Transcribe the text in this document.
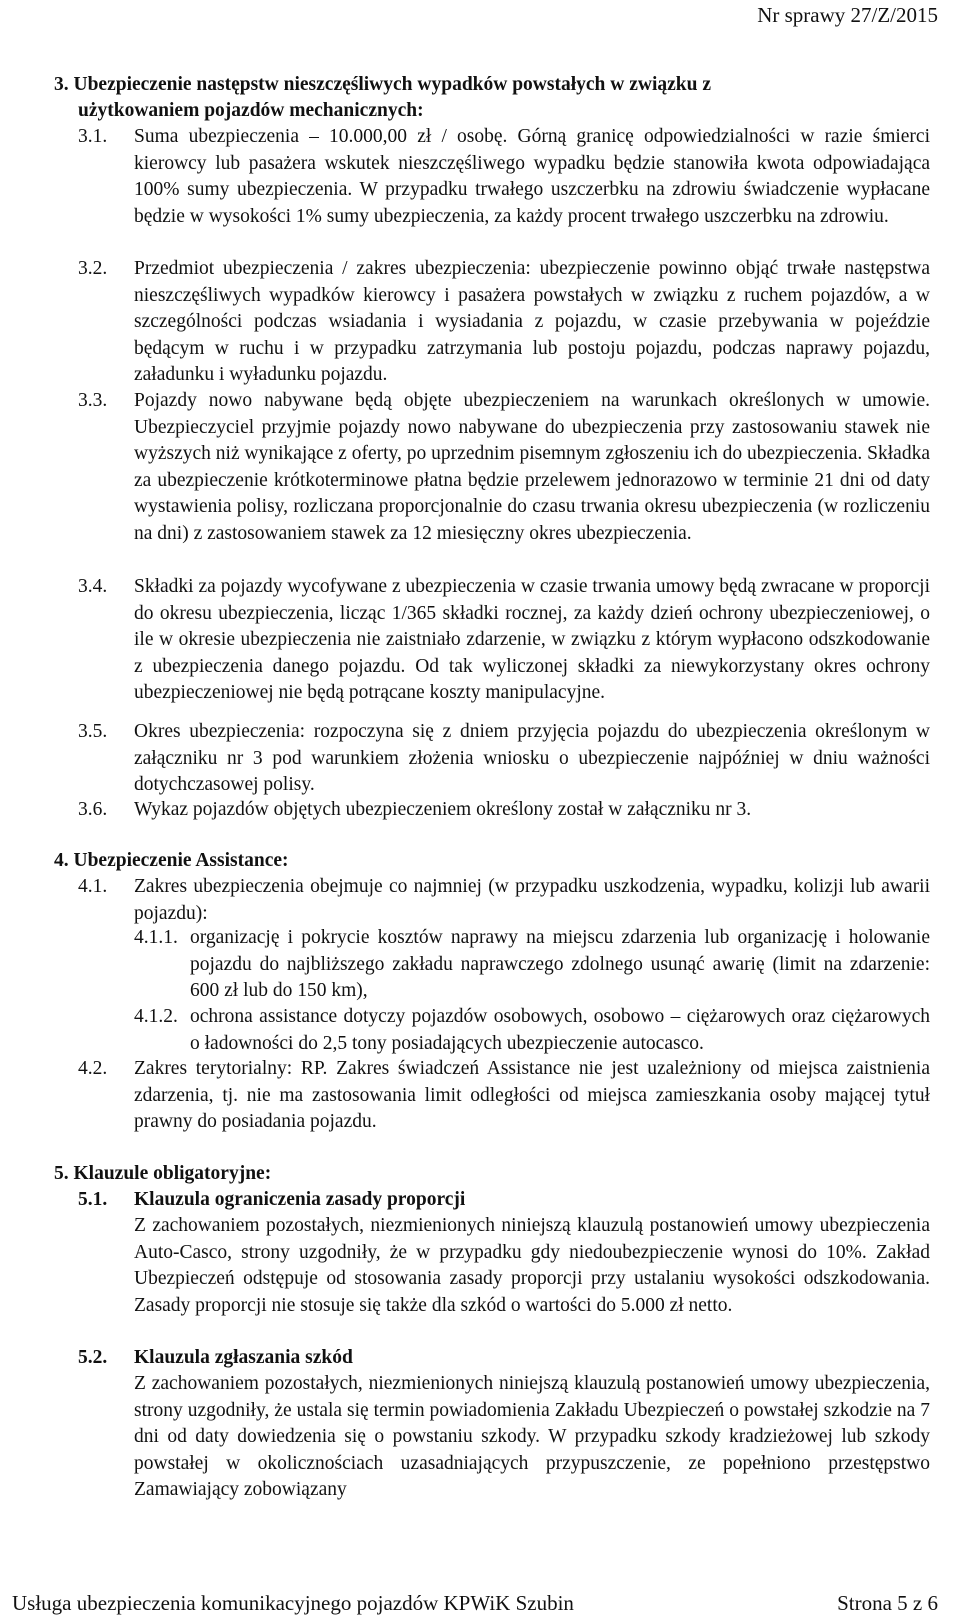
Nr sprawy 27/Z/2015
3. Ubezpieczenie następstw nieszczęśliwych wypadków powstałych w związku z
użytkowaniem pojazdów mechanicznych:
3.1. Suma ubezpieczenia – 10.000,00 zł / osobę. Górną granicę odpowiedzialności w razie śmierci kierowcy lub pasażera wskutek nieszczęśliwego wypadku będzie stanowiła kwota odpowiadająca 100% sumy ubezpieczenia. W przypadku trwałego uszczerbku na zdrowiu świadczenie wypłacane będzie w wysokości 1% sumy ubezpieczenia, za każdy procent trwałego uszczerbku na zdrowiu.

3.2. Przedmiot ubezpieczenia / zakres ubezpieczenia: ubezpieczenie powinno objąć trwałe następstwa nieszczęśliwych wypadków kierowcy i pasażera powstałych w związku z ruchem pojazdów, a w szczególności podczas wsiadania i wysiadania z pojazdu, w czasie przebywania w pojeździe będącym w ruchu i w przypadku zatrzymania lub postoju pojazdu, podczas naprawy pojazdu, załadunku i wyładunku pojazdu.

3.3. Pojazdy nowo nabywane będą objęte ubezpieczeniem na warunkach określonych w umowie. Ubezpieczyciel przyjmie pojazdy nowo nabywane do ubezpieczenia przy zastosowaniu stawek nie wyższych niż wynikające z oferty, po uprzednim pisemnym zgłoszeniu ich do ubezpieczenia. Składka za ubezpieczenie krótkoterminowe płatna będzie przelewem jednorazowo w terminie 21 dni od daty wystawienia polisy, rozliczana proporcjonalnie do czasu trwania okresu ubezpieczenia (w rozliczeniu na dni) z zastosowaniem stawek za 12 miesięczny okres ubezpieczenia.

3.4. Składki za pojazdy wycofywane z ubezpieczenia w czasie trwania umowy będą zwracane w proporcji do okresu ubezpieczenia, licząc 1/365 składki rocznej, za każdy dzień ochrony ubezpieczeniowej, o ile w okresie ubezpieczenia nie zaistniało zdarzenie, w związku z którym wypłacono odszkodowanie z ubezpieczenia danego pojazdu. Od tak wyliczonej składki za niewykorzystany okres ochrony ubezpieczeniowej nie będą potrącane koszty manipulacyjne.

3.5. Okres ubezpieczenia: rozpoczyna się z dniem przyjęcia pojazdu do ubezpieczenia określonym w załączniku nr 3 pod warunkiem złożenia wniosku o ubezpieczenie najpóźniej w dniu ważności dotychczasowej polisy.

3.6. Wykaz pojazdów objętych ubezpieczeniem określony został w załączniku nr 3.
4. Ubezpieczenie Assistance:
4.1. Zakres ubezpieczenia obejmuje co najmniej (w przypadku uszkodzenia, wypadku, kolizji lub awarii pojazdu):

4.1.1. organizację i pokrycie kosztów naprawy na miejscu zdarzenia lub organizację i holowanie pojazdu do najbliższego zakładu naprawczego zdolnego usunąć awarię (limit na zdarzenie: 600 zł lub do 150 km),

4.1.2. ochrona assistance dotyczy pojazdów osobowych, osobowo – ciężarowych oraz ciężarowych o ładowności do 2,5 tony posiadających ubezpieczenie autocasco.

4.2. Zakres terytorialny: RP. Zakres świadczeń Assistance nie jest uzależniony od miejsca zaistnienia zdarzenia, tj. nie ma zastosowania limit odległości od miejsca zamieszkania osoby mającej tytuł prawny do posiadania pojazdu.

5. Klauzule obligatoryjne:
5.1. Klauzula ograniczenia zasady proporcji

Z zachowaniem pozostałych, niezmienionych niniejszą klauzulą postanowień umowy ubezpieczenia Auto-Casco, strony uzgodniły, że w przypadku gdy niedoubezpieczenie wynosi do 10%. Zakład Ubezpieczeń odstępuje od stosowania zasady proporcji przy ustalaniu wysokości odszkodowania. Zasady proporcji nie stosuje się także dla szkód o wartości do 5.000 zł netto.

5.2. Klauzula zgłaszania szkód

Z zachowaniem pozostałych, niezmienionych niniejszą klauzulą postanowień umowy ubezpieczenia, strony uzgodniły, że ustala się termin powiadomienia Zakładu Ubezpieczeń o powstałej szkodzie na 7 dni od daty dowiedzenia się o powstaniu szkody. W przypadku szkody kradzieżowej lub szkody powstałej w okolicznościach uzasadniających przypuszczenie, ze popełniono przestępstwo Zamawiający zobowiązany

Usługa ubezpieczenia komunikacyjnego pojazdów KPWiK Szubin	Strona 5 z 6
